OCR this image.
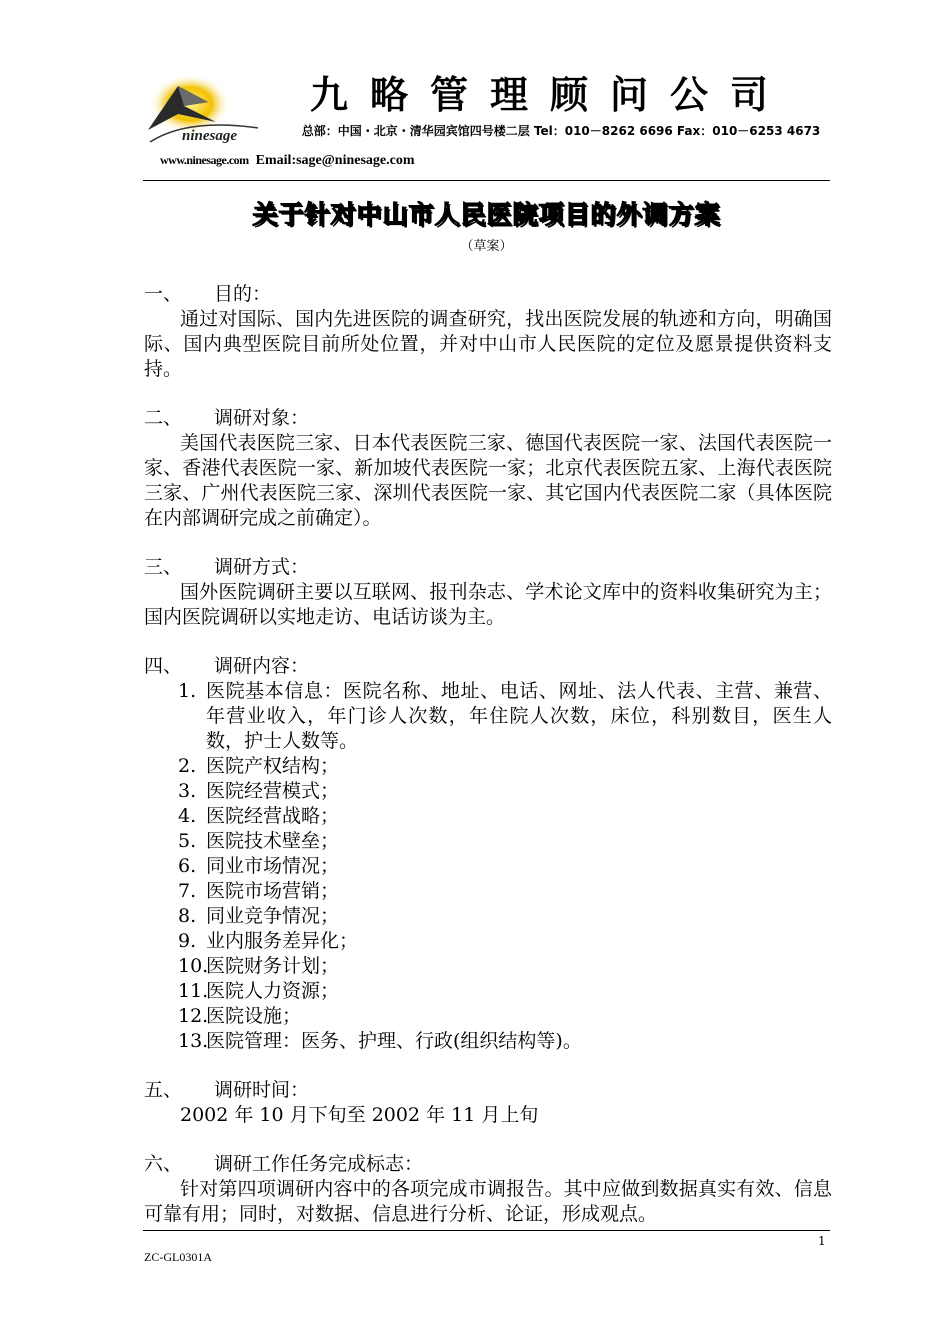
ninesage
九略管理顾问公司
总部：中国・北京・清华园宾馆四号楼二层 Tel：010－8262 6696 Fax：010－6253 4673
www.ninesage.com Email:sage@ninesage.com
关于针对中山市人民医院项目的外调方案
（草案）
一、	目的：
通过对国际、国内先进医院的调查研究，找出医院发展的轨迹和方向，明确国际、国内典型医院目前所处位置，并对中山市人民医院的定位及愿景提供资料支持。
二、	调研对象：
美国代表医院三家、日本代表医院三家、德国代表医院一家、法国代表医院一家、香港代表医院一家、新加坡代表医院一家；北京代表医院五家、上海代表医院三家、广州代表医院三家、深圳代表医院一家、其它国内代表医院二家（具体医院在内部调研完成之前确定）。
三、	调研方式：
国外医院调研主要以互联网、报刊杂志、学术论文库中的资料收集研究为主；国内医院调研以实地走访、电话访谈为主。
四、	调研内容：
1. 医院基本信息：医院名称、地址、电话、网址、法人代表、主营、兼营、年营业收入，年门诊人次数，年住院人次数，床位，科别数目，医生人数，护士人数等。
2. 医院产权结构；
3. 医院经营模式；
4. 医院经营战略；
5. 医院技术壁垒；
6. 同业市场情况；
7. 医院市场营销；
8. 同业竞争情况；
9. 业内服务差异化；
10.
医院财务计划；
11.
医院人力资源；
12.
医院设施；
13.
医院管理：医务、护理、行政(组织结构等)。
五、	调研时间：
2002 年 10 月下旬至 2002 年 11 月上旬
六、	调研工作任务完成标志：
针对第四项调研内容中的各项完成市调报告。其中应做到数据真实有效、信息可靠有用；同时，对数据、信息进行分析、论证，形成观点。
1
ZC-GL0301A
